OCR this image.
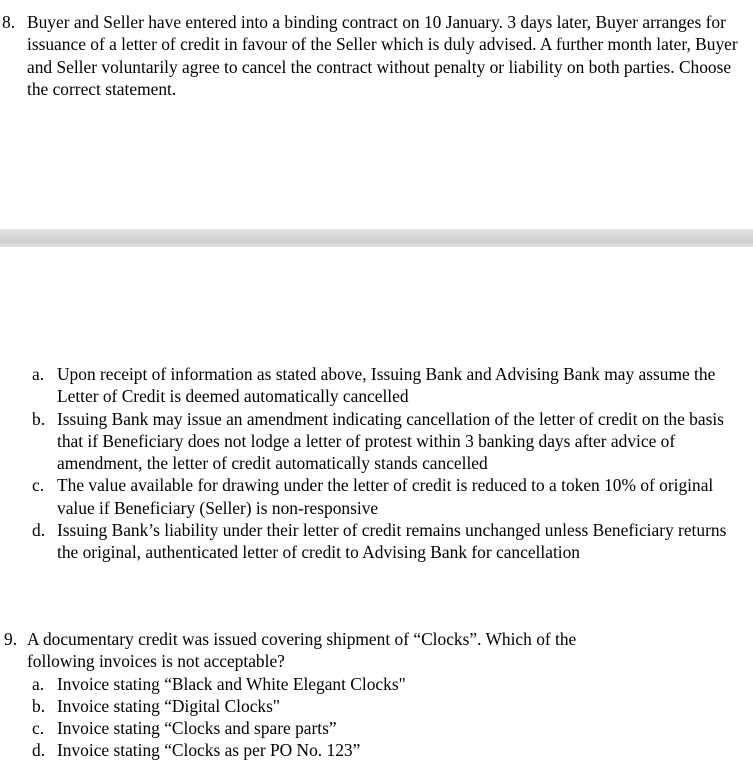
8. Buyer and Seller have entered into a binding contract on 10 January. 3 days later, Buyer arranges for issuance of a letter of credit in favour of the Seller which is duly advised. A further month later, Buyer and Seller voluntarily agree to cancel the contract without penalty or liability on both parties. Choose the correct statement.
a. Upon receipt of information as stated above, Issuing Bank and Advising Bank may assume the Letter of Credit is deemed automatically cancelled
b. Issuing Bank may issue an amendment indicating cancellation of the letter of credit on the basis that if Beneficiary does not lodge a letter of protest within 3 banking days after advice of amendment, the letter of credit automatically stands cancelled
c. The value available for drawing under the letter of credit is reduced to a token 10% of original value if Beneficiary (Seller) is non-responsive
d. Issuing Bank’s liability under their letter of credit remains unchanged unless Beneficiary returns the original, authenticated letter of credit to Advising Bank for cancellation
9. A documentary credit was issued covering shipment of “Clocks”. Which of the following invoices is not acceptable?
a. Invoice stating “Black and White Elegant Clocks"
b. Invoice stating “Digital Clocks"
c. Invoice stating “Clocks and spare parts”
d. Invoice stating “Clocks as per PO No. 123”
